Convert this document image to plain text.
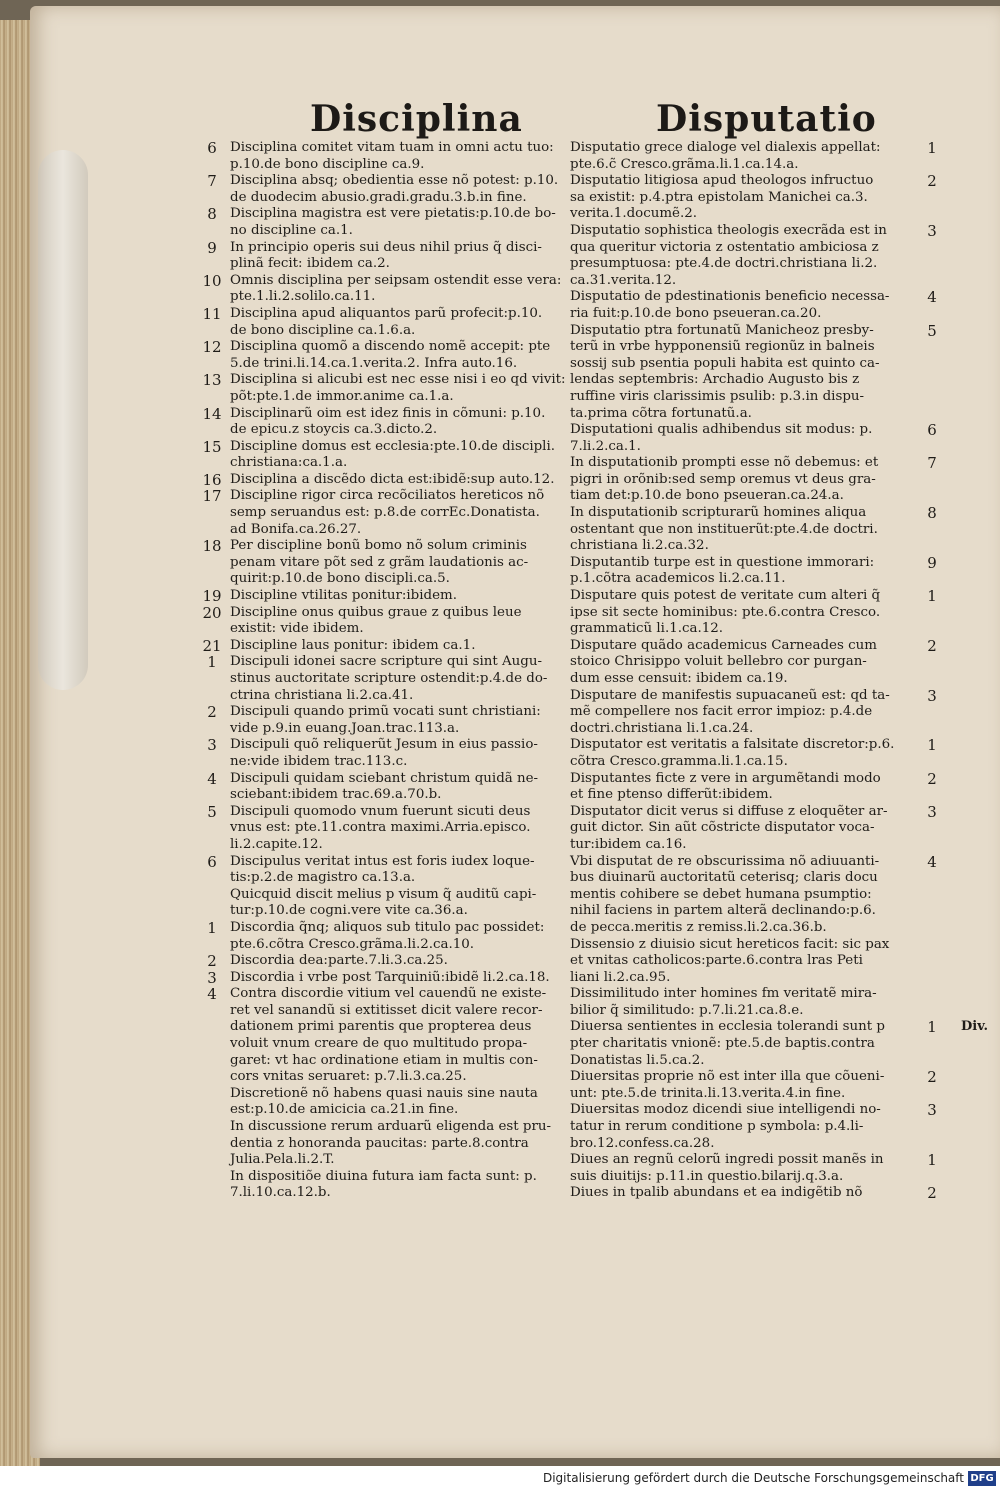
Disciplina	Disputatio
6 Disciplina comitet vitam tuam in omni actu tuo:
p.10.de bono discipline ca.9.
7 Disciplina absq; obedientia esse nõ potest: p.10.
de duodecim abusio.gradi.gradu.3.b.in fine.
8 Disciplina magistra est vere pietatis:p.10.de bo-
no discipline ca.1.
9 In principio operis sui deus nihil prius q̃ disci-
plinã fecit: ibidem ca.2.
10 Omnis disciplina per seipsam ostendit esse vera:
pte.1.li.2.solilo.ca.11.
11 Disciplina apud aliquantos parũ profecit:p.10.
de bono discipline ca.1.6.a.
12 Disciplina quomõ a discendo nomẽ accepit: pte
5.de trini.li.14.ca.1.verita.2. Infra auto.16.
13 Disciplina si alicubi est nec esse nisi i eo qd vivit:
põt:pte.1.de immor.anime ca.1.a.
14 Disciplinarũ oim est idez finis in cõmuni: p.10.
de epicu.z stoycis ca.3.dicto.2.
15 Discipline domus est ecclesia:pte.10.de discipli.
christiana:ca.1.a.
16 Disciplina a discẽdo dicta est:ibidẽ:sup auto.12.
17 Discipline rigor circa recõciliatos hereticos nõ
semp seruandus est: p.8.de corrEc.Donatista.
ad Bonifa.ca.26.27.
18 Per discipline bonũ bomo nõ solum criminis
penam vitare põt sed z grãm laudationis ac-
quirit:p.10.de bono discipli.ca.5.
19 Discipline vtilitas ponitur:ibidem.
20 Discipline onus quibus graue z quibus leue
existit: vide ibidem.
21 Discipline laus ponitur: ibidem ca.1.
1 Discipuli idonei sacre scripture qui sint Augu-
stinus auctoritate scripture ostendit:p.4.de do-
ctrina christiana li.2.ca.41.
2 Discipuli quando primũ vocati sunt christiani:
vide p.9.in euang.Joan.trac.113.a.
3 Discipuli quõ reliquerũt Jesum in eius passio-
ne:vide ibidem trac.113.c.
4 Discipuli quidam sciebant christum quidã ne-
sciebant:ibidem trac.69.a.70.b.
5 Discipuli quomodo vnum fuerunt sicuti deus
vnus est: pte.11.contra maximi.Arria.episco.
li.2.capite.12.
6 Discipulus veritat intus est foris iudex loque-
tis:p.2.de magistro ca.13.a.
Quicquid discit melius p visum q̃ auditũ capi-
tur:p.10.de cogni.vere vite ca.36.a.
1 Discordia q̃nq; aliquos sub titulo pac possidet:
pte.6.cõtra Cresco.grãma.li.2.ca.10.
2 Discordia dea:parte.7.li.3.ca.25.
3 Discordia i vrbe post Tarquiniũ:ibidẽ li.2.ca.18.
4 Contra discordie vitium vel cauendũ ne existe-
ret vel sanandũ si extitisset dicit valere recor-
dationem primi parentis que propterea deus
voluit vnum creare de quo multitudo propa-
garet: vt hac ordinatione etiam in multis con-
cors vnitas seruaret: p.7.li.3.ca.25.
Discretionẽ nõ habens quasi nauis sine nauta
est:p.10.de amicicia ca.21.in fine.
In discussione rerum arduarũ eligenda est pru-
dentia z honoranda paucitas: parte.8.contra
Julia.Pela.li.2.T.
In dispositiõe diuina futura iam facta sunt: p.
7.li.10.ca.12.b.
1
Disputatio grece dialoge vel dialexis appellat:
pte.6.c̃ Cresco.grãma.li.1.ca.14.a.
2
Disputatio litigiosa apud theologos infructuo
sa existit: p.4.ptra epistolam Manichei ca.3.
verita.1.documẽ.2.
3
Disputatio sophistica theologis execrãda est in
qua queritur victoria z ostentatio ambiciosa z
presumptuosa: pte.4.de doctri.christiana li.2.
ca.31.verita.12.
4
Disputatio de pdestinationis beneficio necessa-
ria fuit:p.10.de bono pseueran.ca.20.
5
Disputatio ptra fortunatũ Manicheoz presby-
terũ in vrbe hypponensiũ regionũz in balneis
sossij sub psentia populi habita est quinto ca-
lendas septembris: Archadio Augusto bis z
ruffine viris clarissimis psulib: p.3.in dispu-
ta.prima cõtra fortunatũ.a.
6
Disputationi qualis adhibendus sit modus: p.
7.li.2.ca.1.
7
In disputationib prompti esse nõ debemus: et
pigri in orõnib:sed semp oremus vt deus gra-
tiam det:p.10.de bono pseueran.ca.24.a.
8
In disputationib scripturarũ homines aliqua
ostentant que non instituerũt:pte.4.de doctri.
christiana li.2.ca.32.
9
Disputantib turpe est in questione immorari:
p.1.cõtra academicos li.2.ca.11.
1
Disputare quis potest de veritate cum alteri q̃
ipse sit secte hominibus: pte.6.contra Cresco.
grammaticũ li.1.ca.12.
2
Disputare quãdo academicus Carneades cum
stoico Chrisippo voluit bellebro cor purgan-
dum esse censuit: ibidem ca.19.
3
Disputare de manifestis supuacaneũ est: qd ta-
mẽ compellere nos facit error impioz: p.4.de
doctri.christiana li.1.ca.24.
1
Disputator est veritatis a falsitate discretor:p.6.
cõtra Cresco.gramma.li.1.ca.15.
2
Disputantes ficte z vere in argumẽtandi modo
et fine ptenso differũt:ibidem.
3
Disputator dicit verus si diffuse z eloquẽter ar-
guit dictor. Sin aũt cõstricte disputator voca-
tur:ibidem ca.16.
4
Vbi disputat de re obscurissima nõ adiuuanti-
bus diuinarũ auctoritatũ ceterisq; claris docu
mentis cohibere se debet humana psumptio:
nihil faciens in partem alterã declinando:p.6.
de pecca.meritis z remiss.li.2.ca.36.b.
Dissensio z diuisio sicut hereticos facit: sic pax
et vnitas catholicos:parte.6.contra lras Peti
liani li.2.ca.95.
Dissimilitudo inter homines fm veritatẽ mira-
bilior q̃ similitudo: p.7.li.21.ca.8.e.
1
Diuersa sentientes in ecclesia tolerandi sunt p
pter charitatis vnionẽ: pte.5.de baptis.contra
Donatistas li.5.ca.2.
Div.
2
Diuersitas proprie nõ est inter illa que cõueni-
unt: pte.5.de trinita.li.13.verita.4.in fine.
3
Diuersitas modoz dicendi siue intelligendi no-
tatur in rerum conditione p symbola: p.4.li-
bro.12.confess.ca.28.
1
Diues an regnũ celorũ ingredi possit manẽs in
suis diuitijs: p.11.in questio.bilarij.q.3.a.
2
Diues in tpalib abundans et ea indigẽtib nõ
Digitalisierung gefördert durch die Deutsche Forschungsgemeinschaft DFG
